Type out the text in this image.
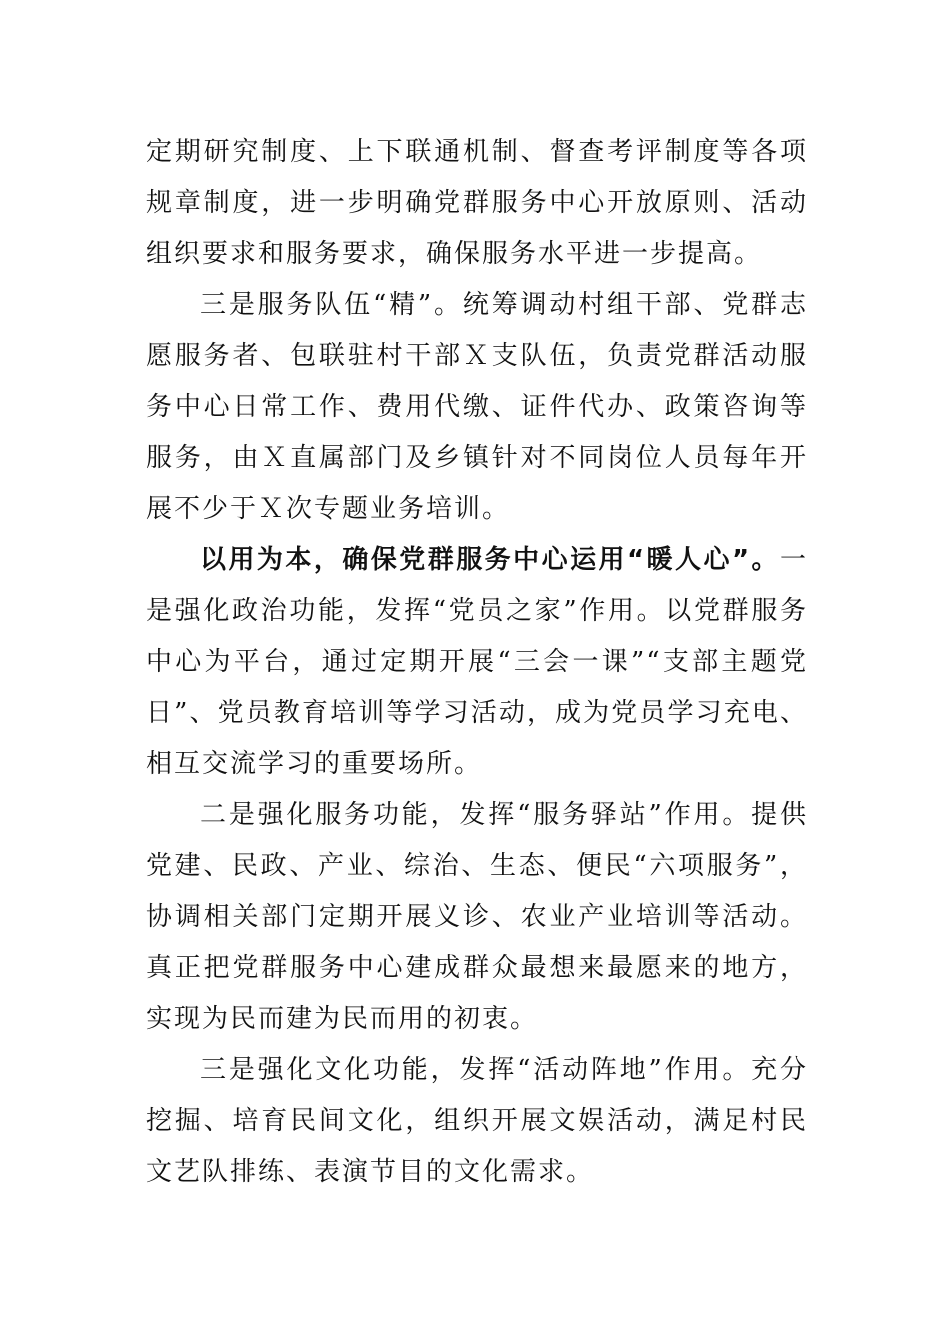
定期研究制度、上下联通机制、督查考评制度等各项规章制度，进一步明确党群服务中心开放原则、活动组织要求和服务要求，确保服务水平进一步提高。

三是服务队伍“精”。统筹调动村组干部、党群志愿服务者、包联驻村干部Ｘ支队伍，负责党群活动服务中心日常工作、费用代缴、证件代办、政策咨询等服务，由Ｘ直属部门及乡镇针对不同岗位人员每年开展不少于Ｘ次专题业务培训。

以用为本，确保党群服务中心运用“暖人心”。一是强化政治功能，发挥“党员之家”作用。以党群服务中心为平台，通过定期开展“三会一课”“支部主题党日”、党员教育培训等学习活动，成为党员学习充电、相互交流学习的重要场所。

二是强化服务功能，发挥“服务驿站”作用。提供党建、民政、产业、综治、生态、便民“六项服务”，协调相关部门定期开展义诊、农业产业培训等活动。真正把党群服务中心建成群众最想来最愿来的地方，实现为民而建为民而用的初衷。

三是强化文化功能，发挥“活动阵地”作用。充分挖掘、培育民间文化，组织开展文娱活动，满足村民文艺队排练、表演节目的文化需求。
